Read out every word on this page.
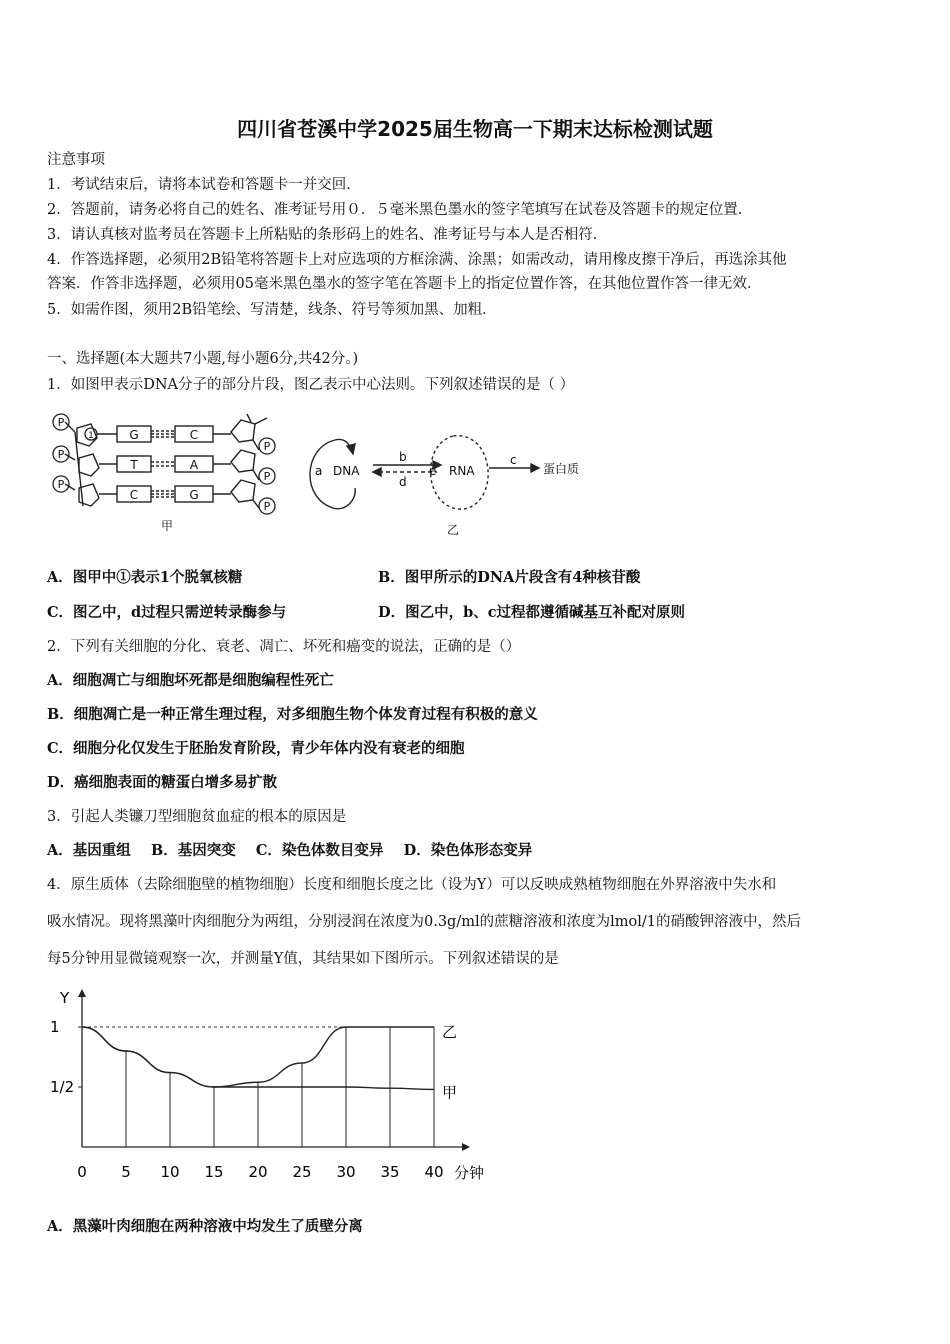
四川省苍溪中学2025届生物高一下期末达标检测试题
注意事项
1．考试结束后，请将本试卷和答题卡一并交回．
2．答题前，请务必将自己的姓名、准考证号用０．５毫米黑色墨水的签字笔填写在试卷及答题卡的规定位置．
3．请认真核对监考员在答题卡上所粘贴的条形码上的姓名、准考证号与本人是否相符．
4．作答选择题，必须用2B铅笔将答题卡上对应选项的方框涂满、涂黑；如需改动，请用橡皮擦干净后，再选涂其他
答案．作答非选择题，必须用05毫米黑色墨水的签字笔在答题卡上的指定位置作答，在其他位置作答一律无效．
5．如需作图，须用2B铅笔绘、写清楚，线条、符号等须加黑、加粗．
一、选择题(本大题共7小题,每小题6分,共42分。)
1．如图甲表示DNA分子的部分片段，图乙表示中心法则。下列叙述错误的是（ ）
P
P
P
1
P
P
P
G
T
C
C
A
G
甲
a DNA
b
d
e RNA
c
蛋白质
乙
A．图甲中①表示1个脱氧核糖	B．图甲所示的DNA片段含有4种核苷酸
C．图乙中，d过程只需逆转录酶参与	D．图乙中，b、c过程都遵循碱基互补配对原则
2．下列有关细胞的分化、衰老、凋亡、坏死和癌变的说法，正确的是（）
A．细胞凋亡与细胞坏死都是细胞编程性死亡
B．细胞凋亡是一种正常生理过程，对多细胞生物个体发育过程有积极的意义
C．细胞分化仅发生于胚胎发育阶段，青少年体内没有衰老的细胞
D．癌细胞表面的糖蛋白增多易扩散
3．引起人类镰刀型细胞贫血症的根本的原因是
A．基因重组    B．基因突变    C．染色体数目变异    D．染色体形态变异
4．原生质体（去除细胞壁的植物细胞）长度和细胞长度之比（设为Y）可以反映成熟植物细胞在外界溶液中失水和
吸水情况。现将黑藻叶肉细胞分为两组，分别浸润在浓度为0.3g/ml的蔗糖溶液和浓度为lmol/1的硝酸钾溶液中，然后
每5分钟用显微镜观察一次，并测量Y值，其结果如下图所示。下列叙述错误的是
Y
分钟
1/2
1
0 5 10 15 20 25 30 35 40
乙
甲
A．黑藻叶肉细胞在两种溶液中均发生了质壁分离
